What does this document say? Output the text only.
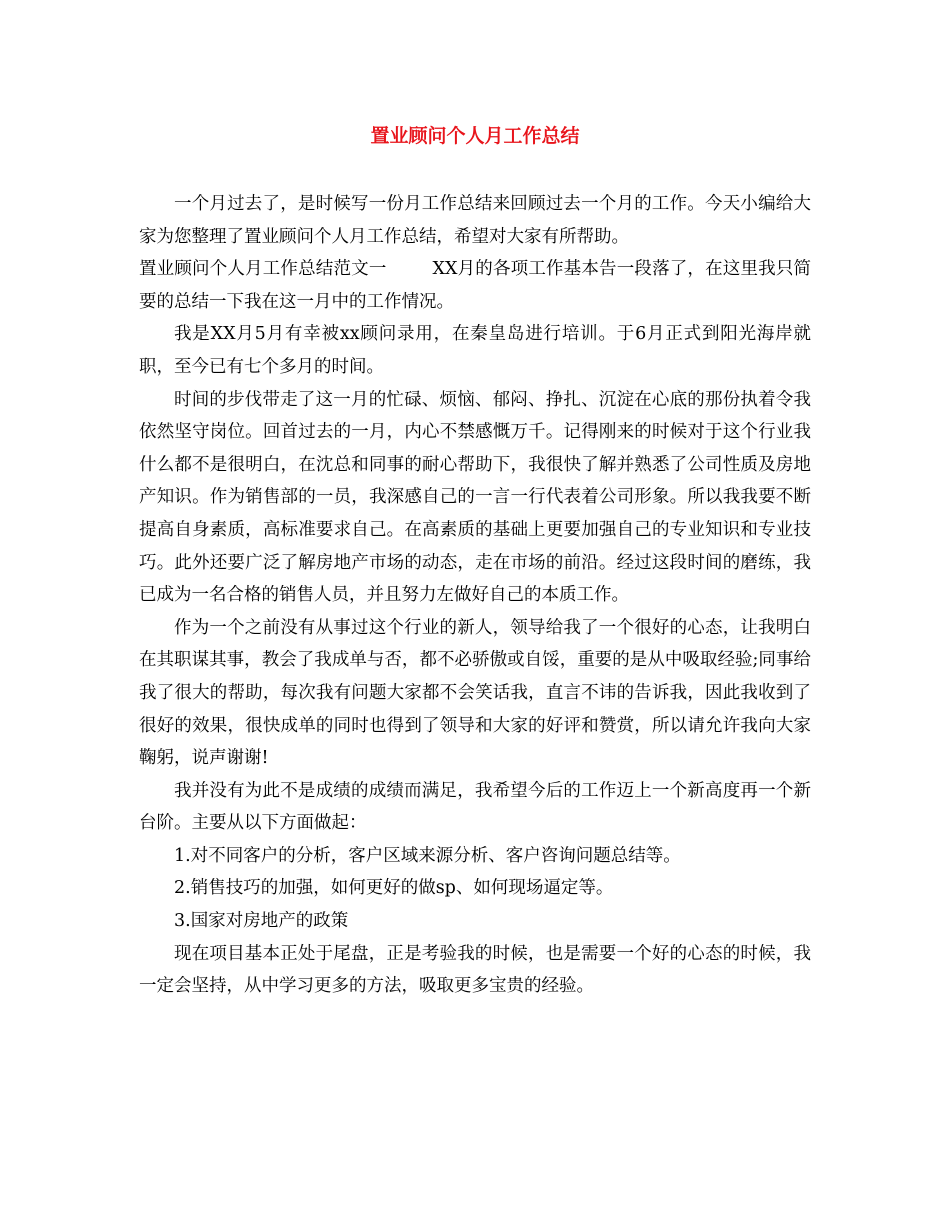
置业顾问个人月工作总结

一个月过去了，是时候写一份月工作总结来回顾过去一个月的工作。今天小编给大家为您整理了置业顾问个人月工作总结，希望对大家有所帮助。

置业顾问个人月工作总结范文一	XX月的各项工作基本告一段落了，在这里我只简要的总结一下我在这一月中的工作情况。

我是XX月5月有幸被xx顾问录用，在秦皇岛进行培训。于6月正式到阳光海岸就职，至今已有七个多月的时间。

时间的步伐带走了这一月的忙碌、烦恼、郁闷、挣扎、沉淀在心底的那份执着令我依然坚守岗位。回首过去的一月，内心不禁感慨万千。记得刚来的时候对于这个行业我什么都不是很明白，在沈总和同事的耐心帮助下，我很快了解并熟悉了公司性质及房地产知识。作为销售部的一员，我深感自己的一言一行代表着公司形象。所以我我要不断提高自身素质，高标准要求自己。在高素质的基础上更要加强自己的专业知识和专业技巧。此外还要广泛了解房地产市场的动态，走在市场的前沿。经过这段时间的磨练，我已成为一名合格的销售人员，并且努力左做好自己的本质工作。

作为一个之前没有从事过这个行业的新人，领导给我了一个很好的心态，让我明白在其职谋其事，教会了我成单与否，都不必骄傲或自馁，重要的是从中吸取经验;同事给我了很大的帮助，每次我有问题大家都不会笑话我，直言不讳的告诉我，因此我收到了很好的效果，很快成单的同时也得到了领导和大家的好评和赞赏，所以请允许我向大家鞠躬，说声谢谢!

我并没有为此不是成绩的成绩而满足，我希望今后的工作迈上一个新高度再一个新台阶。主要从以下方面做起：

1.对不同客户的分析，客户区域来源分析、客户咨询问题总结等。

2.销售技巧的加强，如何更好的做sp、如何现场逼定等。

3.国家对房地产的政策

现在项目基本正处于尾盘，正是考验我的时候，也是需要一个好的心态的时候，我一定会坚持，从中学习更多的方法，吸取更多宝贵的经验。
